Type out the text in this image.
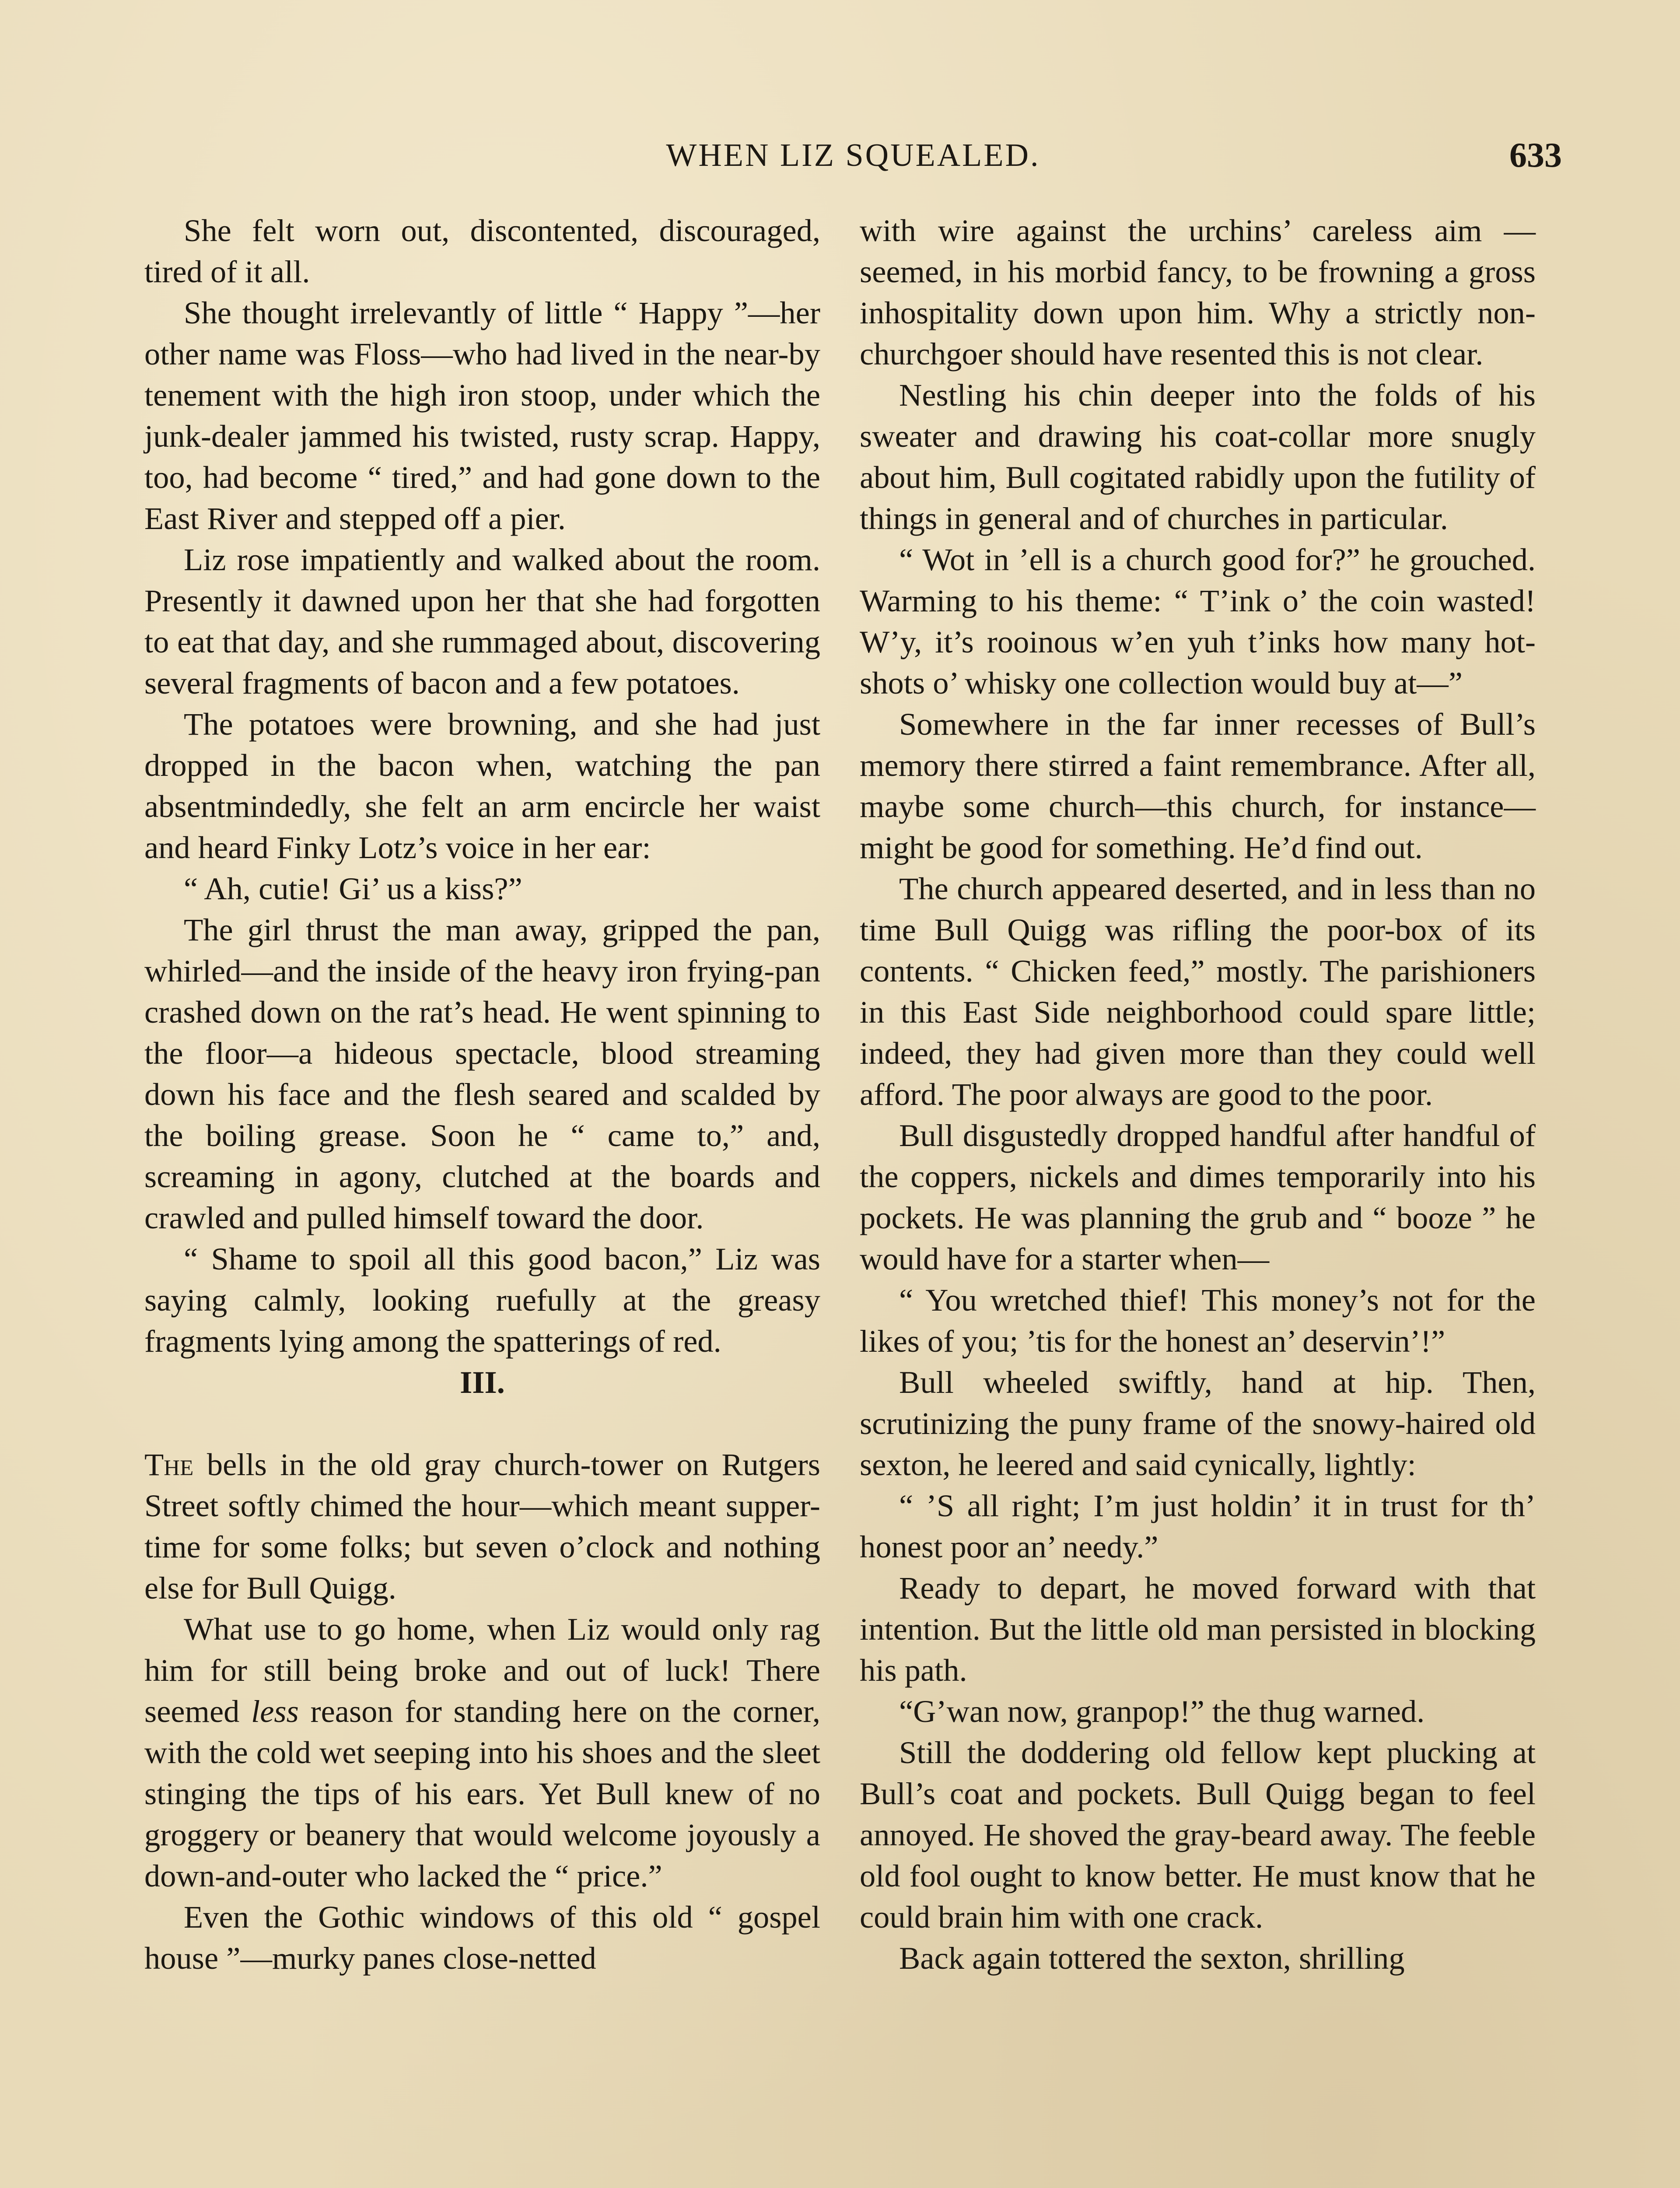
WHEN LIZ SQUEALED.	633

She felt worn out, discontented, discouraged, tired of it all.

She thought irrelevantly of little “ Happy ”—her other name was Floss—who had lived in the near-by tenement with the high iron stoop, under which the junk-dealer jammed his twisted, rusty scrap. Happy, too, had become “ tired,” and had gone down to the East River and stepped off a pier.

Liz rose impatiently and walked about the room. Presently it dawned upon her that she had forgotten to eat that day, and she rummaged about, discovering several fragments of bacon and a few potatoes.

The potatoes were browning, and she had just dropped in the bacon when, watching the pan absentmindedly, she felt an arm encircle her waist and heard Finky Lotz’s voice in her ear:

“ Ah, cutie! Gi’ us a kiss?”

The girl thrust the man away, gripped the pan, whirled—and the inside of the heavy iron frying-pan crashed down on the rat’s head. He went spinning to the floor—a hideous spectacle, blood streaming down his face and the flesh seared and scalded by the boiling grease. Soon he “ came to,” and, screaming in agony, clutched at the boards and crawled and pulled himself toward the door.

“ Shame to spoil all this good bacon,” Liz was saying calmly, looking ruefully at the greasy fragments lying among the spatterings of red.

III.

The bells in the old gray church-tower on Rutgers Street softly chimed the hour—which meant supper-time for some folks; but seven o’clock and nothing else for Bull Quigg.

What use to go home, when Liz would only rag him for still being broke and out of luck! There seemed less reason for standing here on the corner, with the cold wet seeping into his shoes and the sleet stinging the tips of his ears. Yet Bull knew of no groggery or beanery that would welcome joyously a down-and-outer who lacked the “ price.”

Even the Gothic windows of this old “ gospel house ”—murky panes close-netted

with wire against the urchins’ careless aim —seemed, in his morbid fancy, to be frowning a gross inhospitality down upon him. Why a strictly non-churchgoer should have resented this is not clear.

Nestling his chin deeper into the folds of his sweater and drawing his coat-collar more snugly about him, Bull cogitated rabidly upon the futility of things in general and of churches in particular.

“ Wot in ’ell is a church good for?” he grouched. Warming to his theme: “ T’ink o’ the coin wasted! W’y, it’s rooinous w’en yuh t’inks how many hot-shots o’ whisky one collection would buy at—”

Somewhere in the far inner recesses of Bull’s memory there stirred a faint remembrance. After all, maybe some church—this church, for instance—might be good for something. He’d find out.

The church appeared deserted, and in less than no time Bull Quigg was rifling the poor-box of its contents. “ Chicken feed,” mostly. The parishioners in this East Side neighborhood could spare little; indeed, they had given more than they could well afford. The poor always are good to the poor.

Bull disgustedly dropped handful after handful of the coppers, nickels and dimes temporarily into his pockets. He was planning the grub and “ booze ” he would have for a starter when—

“ You wretched thief! This money’s not for the likes of you; ’tis for the honest an’ deservin’!”

Bull wheeled swiftly, hand at hip. Then, scrutinizing the puny frame of the snowy-haired old sexton, he leered and said cynically, lightly:

“ ’S all right; I’m just holdin’ it in trust for th’ honest poor an’ needy.”

Ready to depart, he moved forward with that intention. But the little old man persisted in blocking his path.

“G’wan now, granpop!” the thug warned.

Still the doddering old fellow kept plucking at Bull’s coat and pockets. Bull Quigg began to feel annoyed. He shoved the gray-beard away. The feeble old fool ought to know better. He must know that he could brain him with one crack.

Back again tottered the sexton, shrilling
